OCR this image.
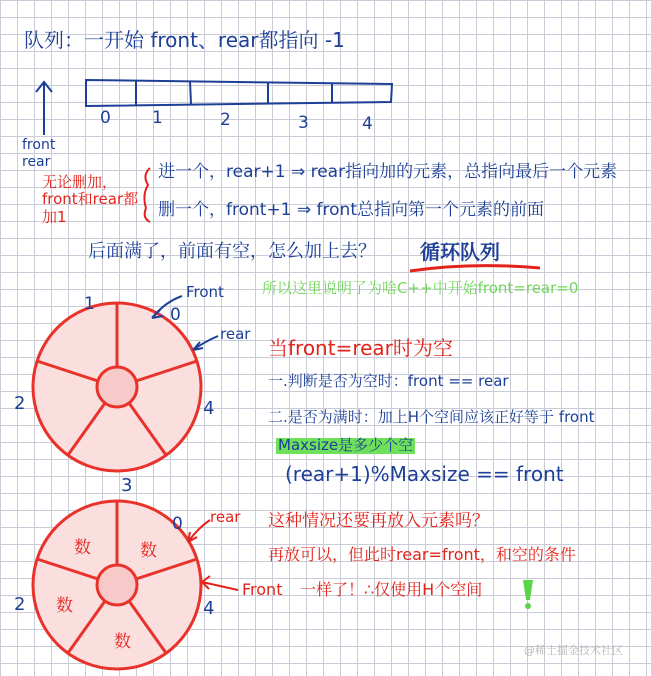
队列：一开始 front、rear都指向 -1
0 1	2	3	4
front
rear
无论删加，front和rear都加1
进一个，rear+1 ⇒ rear指向加的元素，总指向最后一个元素
删一个，front+1 ⇒ front总指向第一个元素的前面
后面满了，前面有空，怎么加上去？ 循环队列
所以这里说明了为啥C++中开始front=rear=0
Front
rear
1
0
4
3
2
当front=rear时为空
一.判断是否为空时：front == rear
二.是否为满时：加上H个空间应该正好等于 front
Maxsize是多少个空
(rear+1)%Maxsize == front
rear
0
4
2
数	数
数
数
这种情况还要再放入元素吗？
再放可以，但此时rear=front，和空的条件
Front 一样了！∴仅使用H个空间
@稀土掘金技术社区
